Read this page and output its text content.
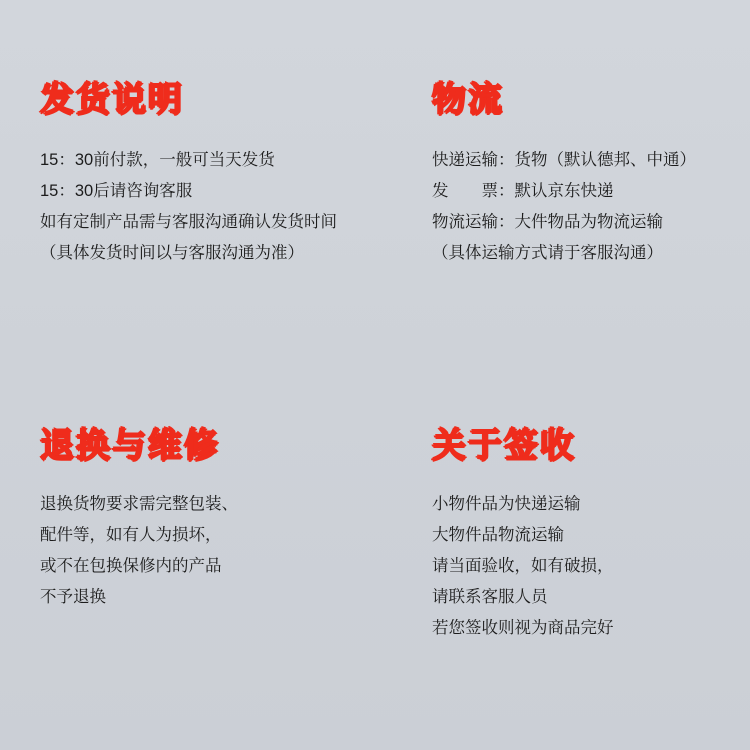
发货说明
15：30前付款，一般可当天发货
15：30后请咨询客服
如有定制产品需与客服沟通确认发货时间
（具体发货时间以与客服沟通为准）
物流
快递运输：货物（默认德邦、中通）
发　　票：默认京东快递
物流运输：大件物品为物流运输
（具体运输方式请于客服沟通）
退换与维修
退换货物要求需完整包装、
配件等，如有人为损坏，
或不在包换保修内的产品
不予退换
关于签收
小物件品为快递运输
大物件品物流运输
请当面验收，如有破损，
请联系客服人员
若您签收则视为商品完好
